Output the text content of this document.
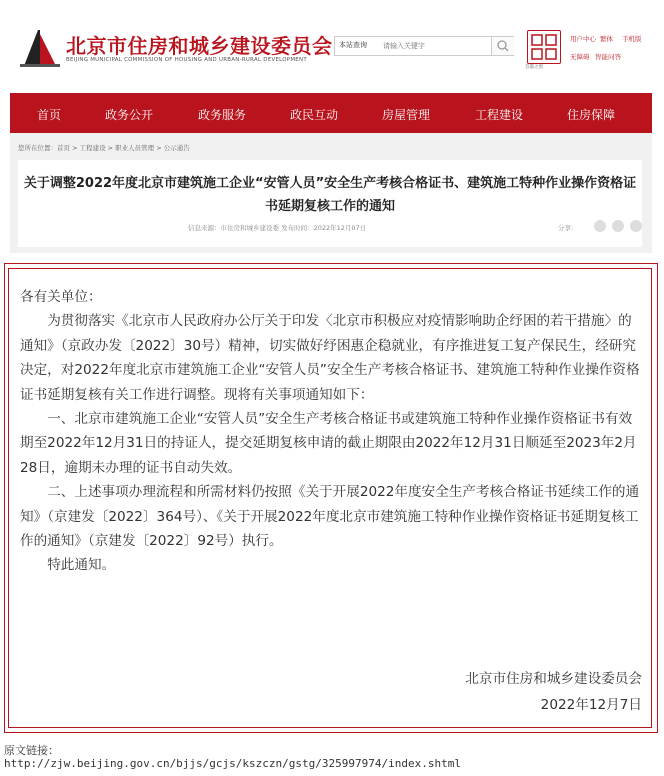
北京市住房和城乡建设委员会
BEIJING MUNICIPAL COMMISSION OF HOUSING AND URBAN-RURAL DEVELOPMENT
本站查询
请输入关键字
首都之窗
用户中心 繁体 手机版
无障碍 智能问答
首页	政务公开	政务服务	政民互动	房屋管理	工程建设	住房保障
您所在位置：首页 > 工程建设 > 职业人员管理 > 公示通告
关于调整2022年度北京市建筑施工企业“安管人员”安全生产考核合格证书、建筑施工特种作业操作资格证书延期复核工作的通知
信息来源：市住房和城乡建设委 发布时间：2022年12月07日	分享：

各有关单位：

为贯彻落实《北京市人民政府办公厅关于印发〈北京市积极应对疫情影响助企纾困的若干措施〉的通知》（京政办发〔2022〕30号）精神，切实做好纾困惠企稳就业，有序推进复工复产保民生，经研究决定，对2022年度北京市建筑施工企业“安管人员”安全生产考核合格证书、建筑施工特种作业操作资格证书延期复核有关工作进行调整。现将有关事项通知如下：

一、北京市建筑施工企业“安管人员”安全生产考核合格证书或建筑施工特种作业操作资格证书有效期至2022年12月31日的持证人，提交延期复核申请的截止期限由2022年12月31日顺延至2023年2月28日，逾期未办理的证书自动失效。

二、上述事项办理流程和所需材料仍按照《关于开展2022年度安全生产考核合格证书延续工作的通知》（京建发〔2022〕364号）、《关于开展2022年度北京市建筑施工特种作业操作资格证书延期复核工作的通知》（京建发〔2022〕92号）执行。

特此通知。

北京市住房和城乡建设委员会
2022年12月7日
原文链接：
http://zjw.beijing.gov.cn/bjjs/gcjs/kszczn/gstg/325997974/index.shtml
